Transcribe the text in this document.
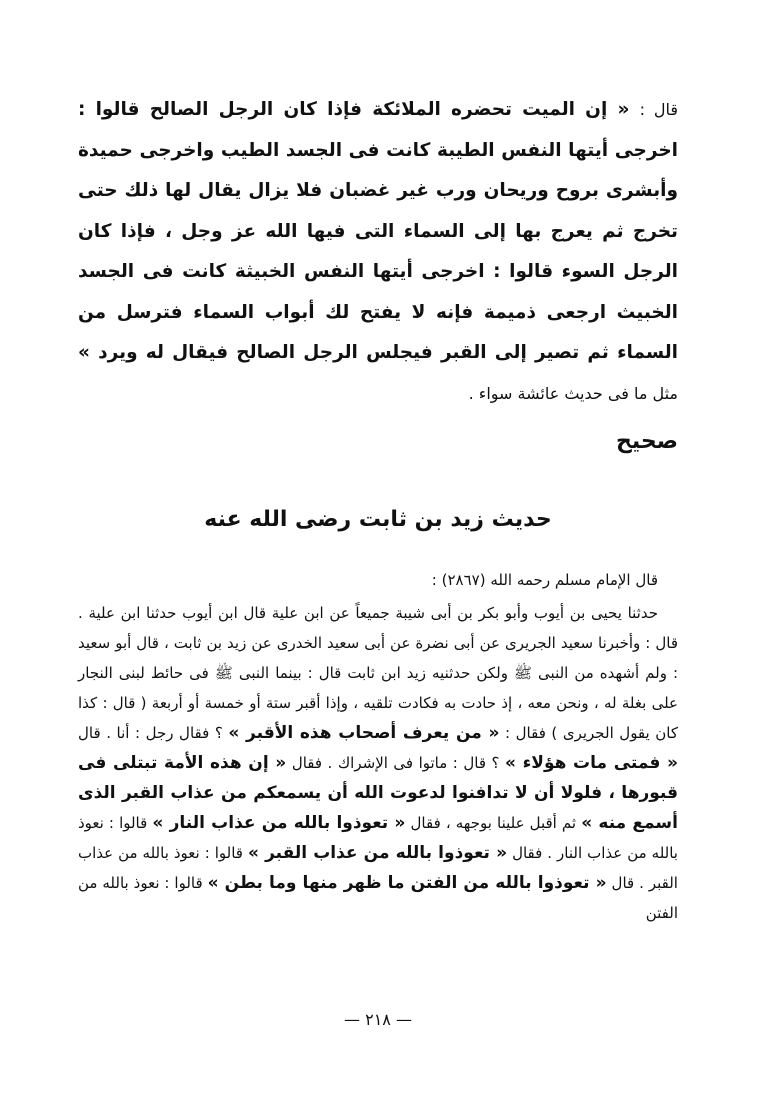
قال : « إن الميت تحضره الملائكة فإذا كان الرجل الصالح قالوا : اخرجى أيتها النفس الطيبة كانت فى الجسد الطيب واخرجى حميدة وأبشرى بروح وريحان ورب غير غضبان فلا يزال يقال لها ذلك حتى تخرج ثم يعرج بها إلى السماء التى فيها الله عز وجل ، فإذا كان الرجل السوء قالوا : اخرجى أيتها النفس الخبيثة كانت فى الجسد الخبيث ارجعى ذميمة فإنه لا يفتح لك أبواب السماء فترسل من السماء ثم تصير إلى القبر فيجلس الرجل الصالح فيقال له ويرد » مثل ما فى حديث عائشة سواء .

صحيح
حديث زيد بن ثابت رضى الله عنه
قال الإمام مسلم رحمه الله (٢٨٦٧) :

حدثنا يحيى بن أيوب وأبو بكر بن أبى شيبة جميعاً عن ابن علية قال ابن أيوب حدثنا ابن علية . قال : وأخبرنا سعيد الجريرى عن أبى نضرة عن أبى سعيد الخدرى عن زيد بن ثابت ، قال أبو سعيد : ولم أشهده من النبى ﷺ ولكن حدثنيه زيد ابن ثابت قال : بينما النبى ﷺ فى حائط لبنى النجار على بغلة له ، ونحن معه ، إذ حادت به فكادت تلقيه ، وإذا أقبر ستة أو خمسة أو أربعة ( قال : كذا كان يقول الجريرى ) فقال : « من يعرف أصحاب هذه الأقبر » ؟ فقال رجل : أنا . قال « فمتى مات هؤلاء » ؟ قال : ماتوا فى الإشراك . فقال « إن هذه الأمة تبتلى فى قبورها ، فلولا أن لا تدافنوا لدعوت الله أن يسمعكم من عذاب القبر الذى أسمع منه » ثم أقبل علينا بوجهه ، فقال « تعوذوا بالله من عذاب النار » قالوا : نعوذ بالله من عذاب النار . فقال « تعوذوا بالله من عذاب القبر » قالوا : نعوذ بالله من عذاب القبر . قال « تعوذوا بالله من الفتن ما ظهر منها وما بطن » قالوا : نعوذ بالله من الفتن

— ٢١٨ —
